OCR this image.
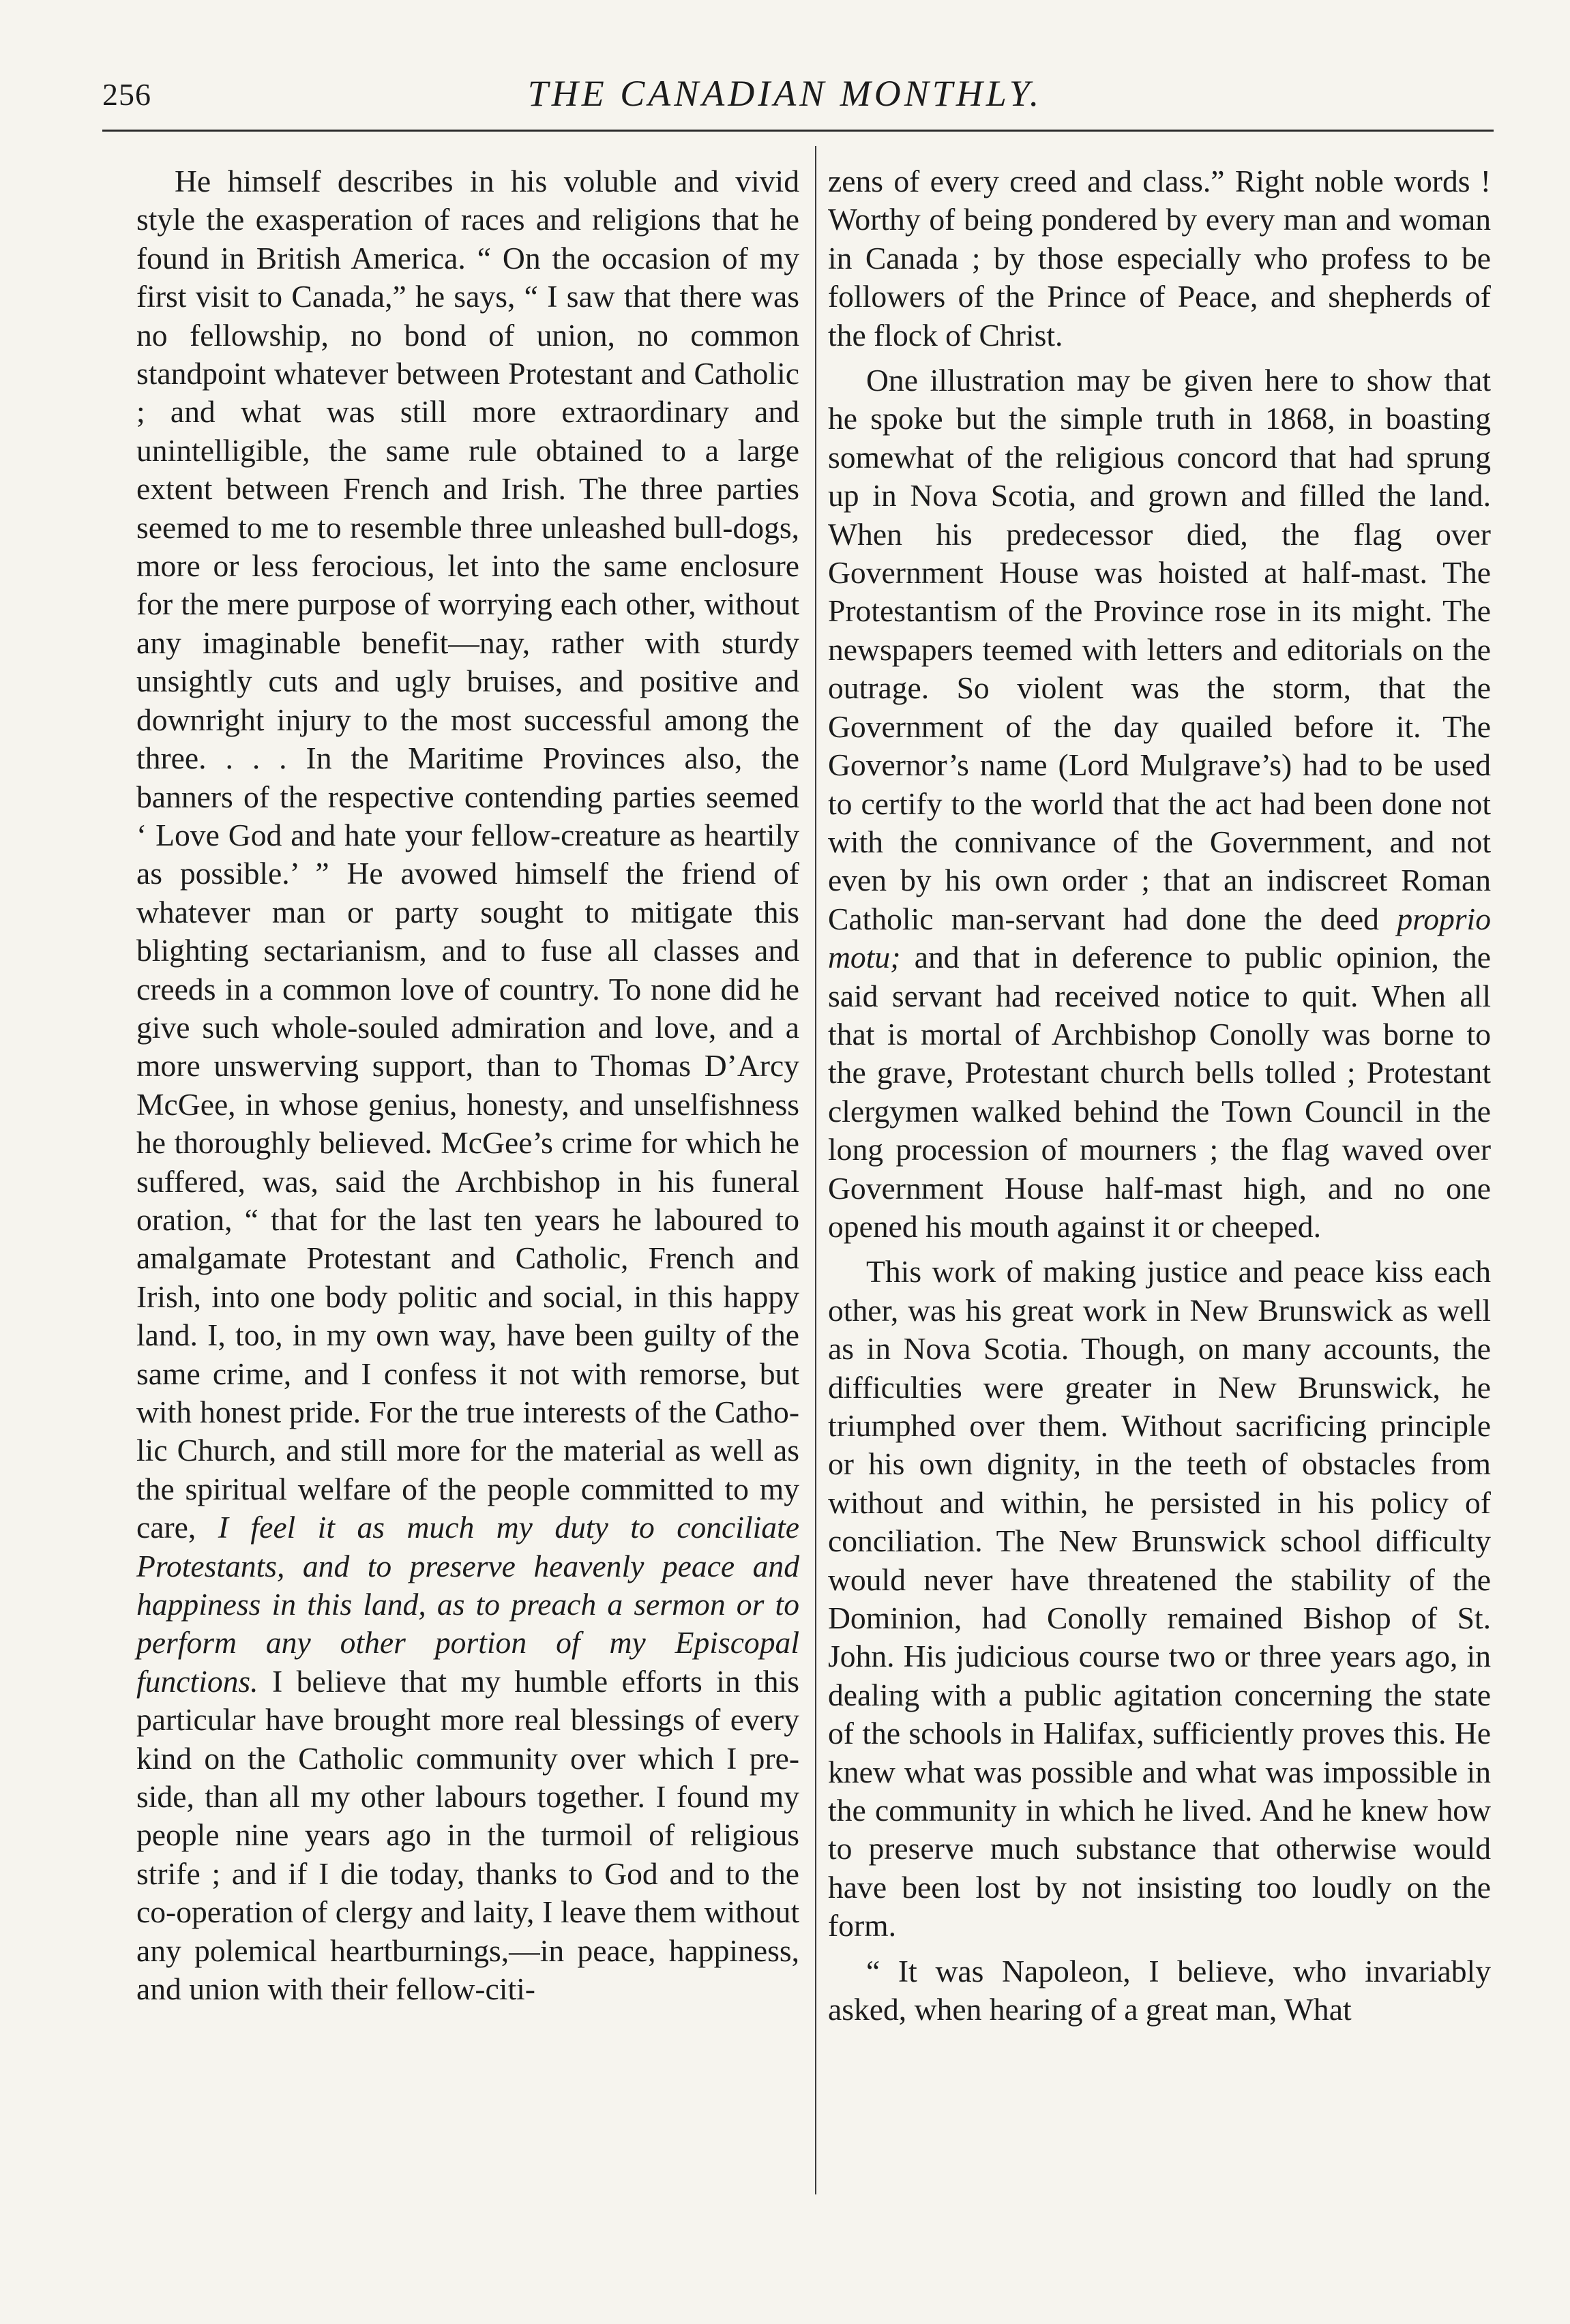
256	THE CANADIAN MONTHLY.

He himself describes in his voluble and vivid style the exasperation of races and religions that he found in British America. “ On the occasion of my first visit to Canada,” he says, “ I saw that there was no fellowship, no bond of union, no common standpoint whatever between Protestant and Catholic ; and what was still more extraordinary and unintelligible, the same rule obtained to a large extent between French and Irish. The three parties seemed to me to resemble three unleashed bull-dogs, more or less ferocious, let into the same enclosure for the mere purpose of worrying each other, without any imaginable benefit—nay, rather with sturdy unsightly cuts and ugly bruises, and positive and downright injury to the most successful among the three. . . . In the Maritime Provinces also, the banners of the respective contending parties seemed ‘ Love God and hate your fellow-creature as heartily as possible.’ ” He avowed himself the friend of whatever man or party sought to mitigate this blighting sectarianism, and to fuse all classes and creeds in a common love of country. To none did he give such whole-souled admiration and love, and a more unswerving support, than to Thomas D’Arcy McGee, in whose genius, honesty, and unselfishness he thoroughly believed. McGee’s crime for which he suffered, was, said the Archbishop in his funeral oration, “ that for the last ten years he laboured to amalgamate Protestant and Catholic, French and Irish, into one body politic and social, in this happy land. I, too, in my own way, have been guilty of the same crime, and I confess it not with remorse, but with honest pride. For the true interests of the Catholic Church, and still more for the material as well as the spiritual welfare of the people committed to my care, I feel it as much my duty to conciliate Protestants, and to preserve heavenly peace and happiness in this land, as to preach a sermon or to perform any other portion of my Episcopal functions. I believe that my humble efforts in this particular have brought more real blessings of every kind on the Catholic community over which I preside, than all my other labours together. I found my people nine years ago in the turmoil of religious strife ; and if I die today, thanks to God and to the co-operation of clergy and laity, I leave them without any polemical heartburnings,—in peace, happiness, and union with their fellow-citi-

zens of every creed and class.” Right noble words ! Worthy of being pondered by every man and woman in Canada ; by those especially who profess to be followers of the Prince of Peace, and shepherds of the flock of Christ.

One illustration may be given here to show that he spoke but the simple truth in 1868, in boasting somewhat of the religious concord that had sprung up in Nova Scotia, and grown and filled the land. When his predecessor died, the flag over Government House was hoisted at half-mast. The Protestantism of the Province rose in its might. The newspapers teemed with letters and editorials on the outrage. So violent was the storm, that the Government of the day quailed before it. The Governor’s name (Lord Mulgrave’s) had to be used to certify to the world that the act had been done not with the connivance of the Government, and not even by his own order ; that an indiscreet Roman Catholic man-servant had done the deed proprio motu; and that in deference to public opinion, the said servant had received notice to quit. When all that is mortal of Archbishop Conolly was borne to the grave, Protestant church bells tolled ; Protestant clergymen walked behind the Town Council in the long procession of mourners ; the flag waved over Government House half-mast high, and no one opened his mouth against it or cheeped.

This work of making justice and peace kiss each other, was his great work in New Brunswick as well as in Nova Scotia. Though, on many accounts, the difficulties were greater in New Brunswick, he triumphed over them. Without sacrificing principle or his own dignity, in the teeth of obstacles from without and within, he persisted in his policy of conciliation. The New Brunswick school difficulty would never have threatened the stability of the Dominion, had Conolly remained Bishop of St. John. His judicious course two or three years ago, in dealing with a public agitation concerning the state of the schools in Halifax, sufficiently proves this. He knew what was possible and what was impossible in the community in which he lived. And he knew how to preserve much substance that otherwise would have been lost by not insisting too loudly on the form.

“ It was Napoleon, I believe, who invariably asked, when hearing of a great man, What
